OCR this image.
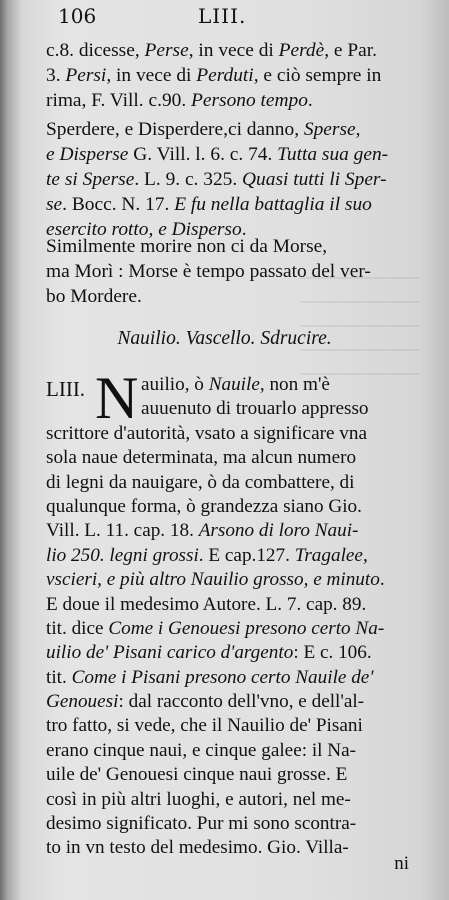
106	LIII.
c.8. dicesse, Perse, in vece di Perdè, e Par.
3. Persi, in vece di Perduti, e ciò sempre in
rima, F. Vill. c.90. Persono tempo.
Sperdere, e Disperdere,ci danno, Sperse,
e Disperse G. Vill. l. 6. c. 74. Tutta sua gen-
te si Sperse. L. 9. c. 325. Quasi tutti li Sper-
se. Bocc. N. 17. E fu nella battaglia il suo
esercito rotto, e Disperso.
Similmente morire non ci da Morse,
ma Morì : Morse è tempo passato del ver-
bo Mordere.
Nauilio. Vascello. Sdrucire.
LIII. N auilio, ò Nauile, non m'è
auuenuto di trouarlo appresso
scrittore d'autorità, vsato a significare vna
sola naue determinata, ma alcun numero
di legni da nauigare, ò da combattere, di
qualunque forma, ò grandezza siano Gio.
Vill. L. 11. cap. 18. Arsono di loro Naui-
lio 250. legni grossi. E cap.127. Tragalee,
vscieri, e più altro Nauilio grosso, e minuto.
E doue il medesimo Autore. L. 7. cap. 89.
tit. dice Come i Genouesi presono certo Na-
uilio de' Pisani carico d'argento: E c. 106.
tit. Come i Pisani presono certo Nauile de'
Genouesi: dal racconto dell'vno, e dell'al-
tro fatto, si vede, che il Nauilio de' Pisani
erano cinque naui, e cinque galee: il Na-
uile de' Genouesi cinque naui grosse. E
così in più altri luoghi, e autori, nel me-
desimo significato. Pur mi sono scontra-
to in vn testo del medesimo. Gio. Villa-
ni
